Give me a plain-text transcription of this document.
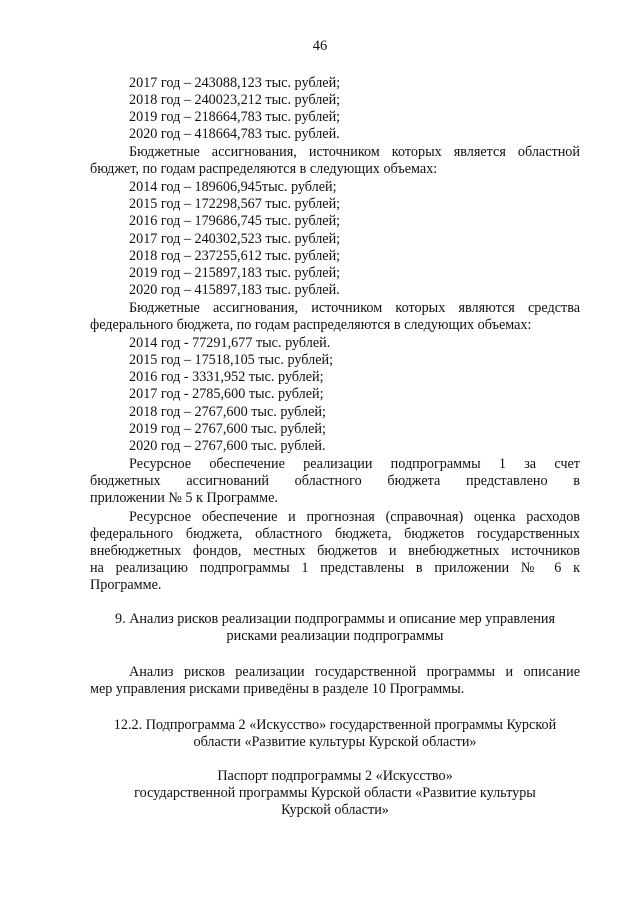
46
2017 год – 243088,123 тыс. рублей;
2018 год – 240023,212 тыс. рублей;
2019 год – 218664,783 тыс. рублей;
2020 год – 418664,783 тыс. рублей.
Бюджетные ассигнования, источником которых является областной
бюджет, по годам распределяются в следующих объемах:
2014 год – 189606,945тыс. рублей;
2015 год – 172298,567 тыс. рублей;
2016 год – 179686,745 тыс. рублей;
2017 год – 240302,523 тыс. рублей;
2018 год – 237255,612 тыс. рублей;
2019 год – 215897,183 тыс. рублей;
2020 год – 415897,183 тыс. рублей.
Бюджетные ассигнования, источником которых являются средства
федерального бюджета, по годам распределяются в следующих объемах:
2014 год - 77291,677 тыс. рублей.
2015 год – 17518,105 тыс. рублей;
2016 год - 3331,952 тыс. рублей;
2017 год - 2785,600 тыс. рублей;
2018 год – 2767,600 тыс. рублей;
2019 год – 2767,600 тыс. рублей;
2020 год – 2767,600 тыс. рублей.
Ресурсное обеспечение реализации подпрограммы 1 за счет
бюджетных ассигнований областного бюджета представлено в
приложении № 5 к Программе.
Ресурсное обеспечение и прогнозная (справочная) оценка расходов
федерального бюджета, областного бюджета, бюджетов государственных
внебюджетных фондов, местных бюджетов и внебюджетных источников
на реализацию подпрограммы 1 представлены в приложении № 6 к
Программе.
9. Анализ рисков реализации подпрограммы и описание мер управления
рисками реализации подпрограммы
Анализ рисков реализации государственной программы и описание
мер управления рисками приведёны в разделе 10 Программы.
12.2. Подпрограмма 2 «Искусство» государственной программы Курской
области «Развитие культуры Курской области»
Паспорт подпрограммы 2 «Искусство»
государственной программы Курской области «Развитие культуры
Курской области»
